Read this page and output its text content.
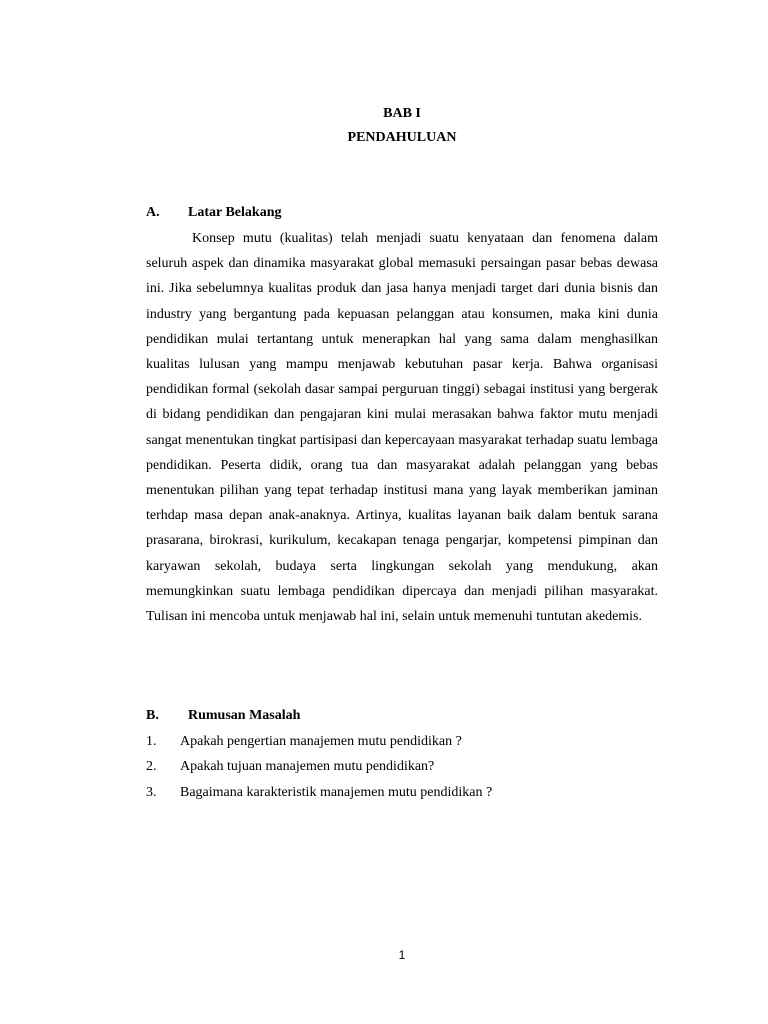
BAB I
PENDAHULUAN
A. Latar Belakang

Konsep mutu (kualitas) telah menjadi suatu kenyataan dan fenomena dalam seluruh aspek dan dinamika masyarakat global memasuki persaingan pasar bebas dewasa ini. Jika sebelumnya kualitas produk dan jasa hanya menjadi target dari dunia bisnis dan industry yang bergantung pada kepuasan pelanggan atau konsumen, maka kini dunia pendidikan mulai tertantang untuk menerapkan hal yang sama dalam menghasilkan kualitas lulusan yang mampu menjawab kebutuhan pasar kerja. Bahwa organisasi pendidikan formal (sekolah dasar sampai perguruan tinggi) sebagai institusi yang bergerak di bidang pendidikan dan pengajaran kini mulai merasakan bahwa faktor mutu menjadi sangat menentukan tingkat partisipasi dan kepercayaan masyarakat terhadap suatu lembaga pendidikan. Peserta didik, orang tua dan masyarakat adalah pelanggan yang bebas menentukan pilihan yang tepat terhadap institusi mana yang layak memberikan jaminan terhdap masa depan anak-anaknya. Artinya, kualitas layanan baik dalam bentuk sarana prasarana, birokrasi, kurikulum, kecakapan tenaga pengarjar, kompetensi pimpinan dan karyawan sekolah, budaya serta lingkungan sekolah yang mendukung, akan memungkinkan suatu lembaga pendidikan dipercaya dan menjadi pilihan masyarakat. Tulisan ini mencoba untuk menjawab hal ini, selain untuk memenuhi tuntutan akedemis.

B. Rumusan Masalah
1. Apakah pengertian manajemen mutu pendidikan ?
2. Apakah tujuan manajemen mutu pendidikan?
3. Bagaimana karakteristik manajemen mutu pendidikan ?
1
